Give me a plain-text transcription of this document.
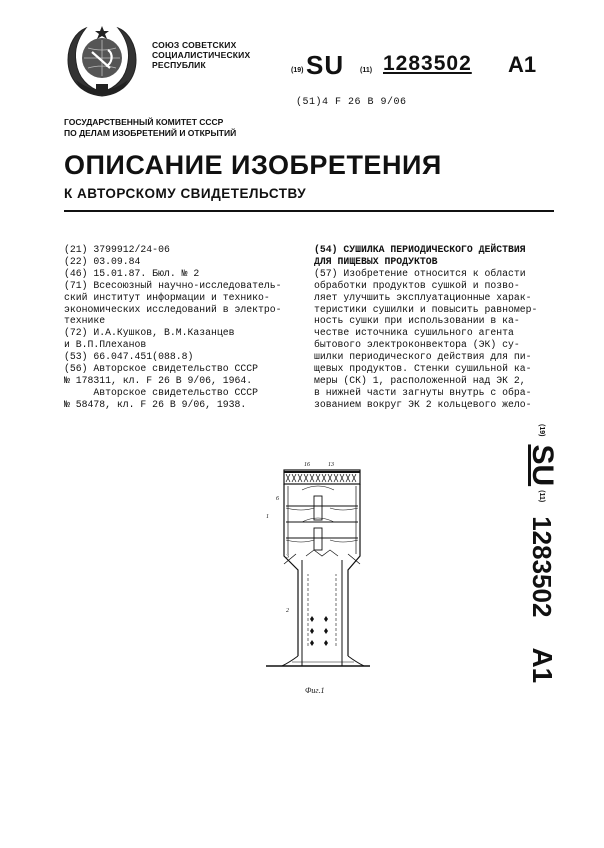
СОЮЗ СОВЕТСКИХ
СОЦИАЛИСТИЧЕСКИХ
РЕСПУБЛИК
(19) SU (11) 1283502 A1
(51)4 F 26 B 9/06
ГОСУДАРСТВЕННЫЙ КОМИТЕТ СССР
ПО ДЕЛАМ ИЗОБРЕТЕНИЙ И ОТКРЫТИЙ
ОПИСАНИЕ ИЗОБРЕТЕНИЯ
К АВТОРСКОМУ СВИДЕТЕЛЬСТВУ
(21) 3799912/24-06
(22) 03.09.84
(46) 15.01.87. Бюл. № 2
(71) Всесоюзный научно-исследователь-
ский институт информации и технико-
экономических исследований в электро-
технике
(72) И.А.Кушков, В.М.Казанцев
и В.П.Плеханов
(53) 66.047.451(088.8)
(56) Авторское свидетельство СССР
№ 178311, кл. F 26 B 9/06, 1964.
Авторское свидетельство СССР
№ 58478, кл. F 26 B 9/06, 1938.
(54) СУШИЛКА ПЕРИОДИЧЕСКОГО ДЕЙСТВИЯ
ДЛЯ ПИЩЕВЫХ ПРОДУКТОВ
(57) Изобретение относится к области
обработки продуктов сушкой и позво-
ляет улучшить эксплуатационные харак-
теристики сушилки и повысить равномер-
ность сушки при использовании в ка-
честве источника сушильного агента
бытового электроконвектора (ЭК) су-
шилки периодического действия для пи-
щевых продуктов. Стенки сушильной ка-
меры (СК) 1, расположенной над ЭК 2,
в нижней части загнуты внутрь с обра-
зованием вокруг ЭК 2 кольцевого жело-
(19)
SU
(11)
1283502
A1
1
2
3
6
13
16
Фиг.1
